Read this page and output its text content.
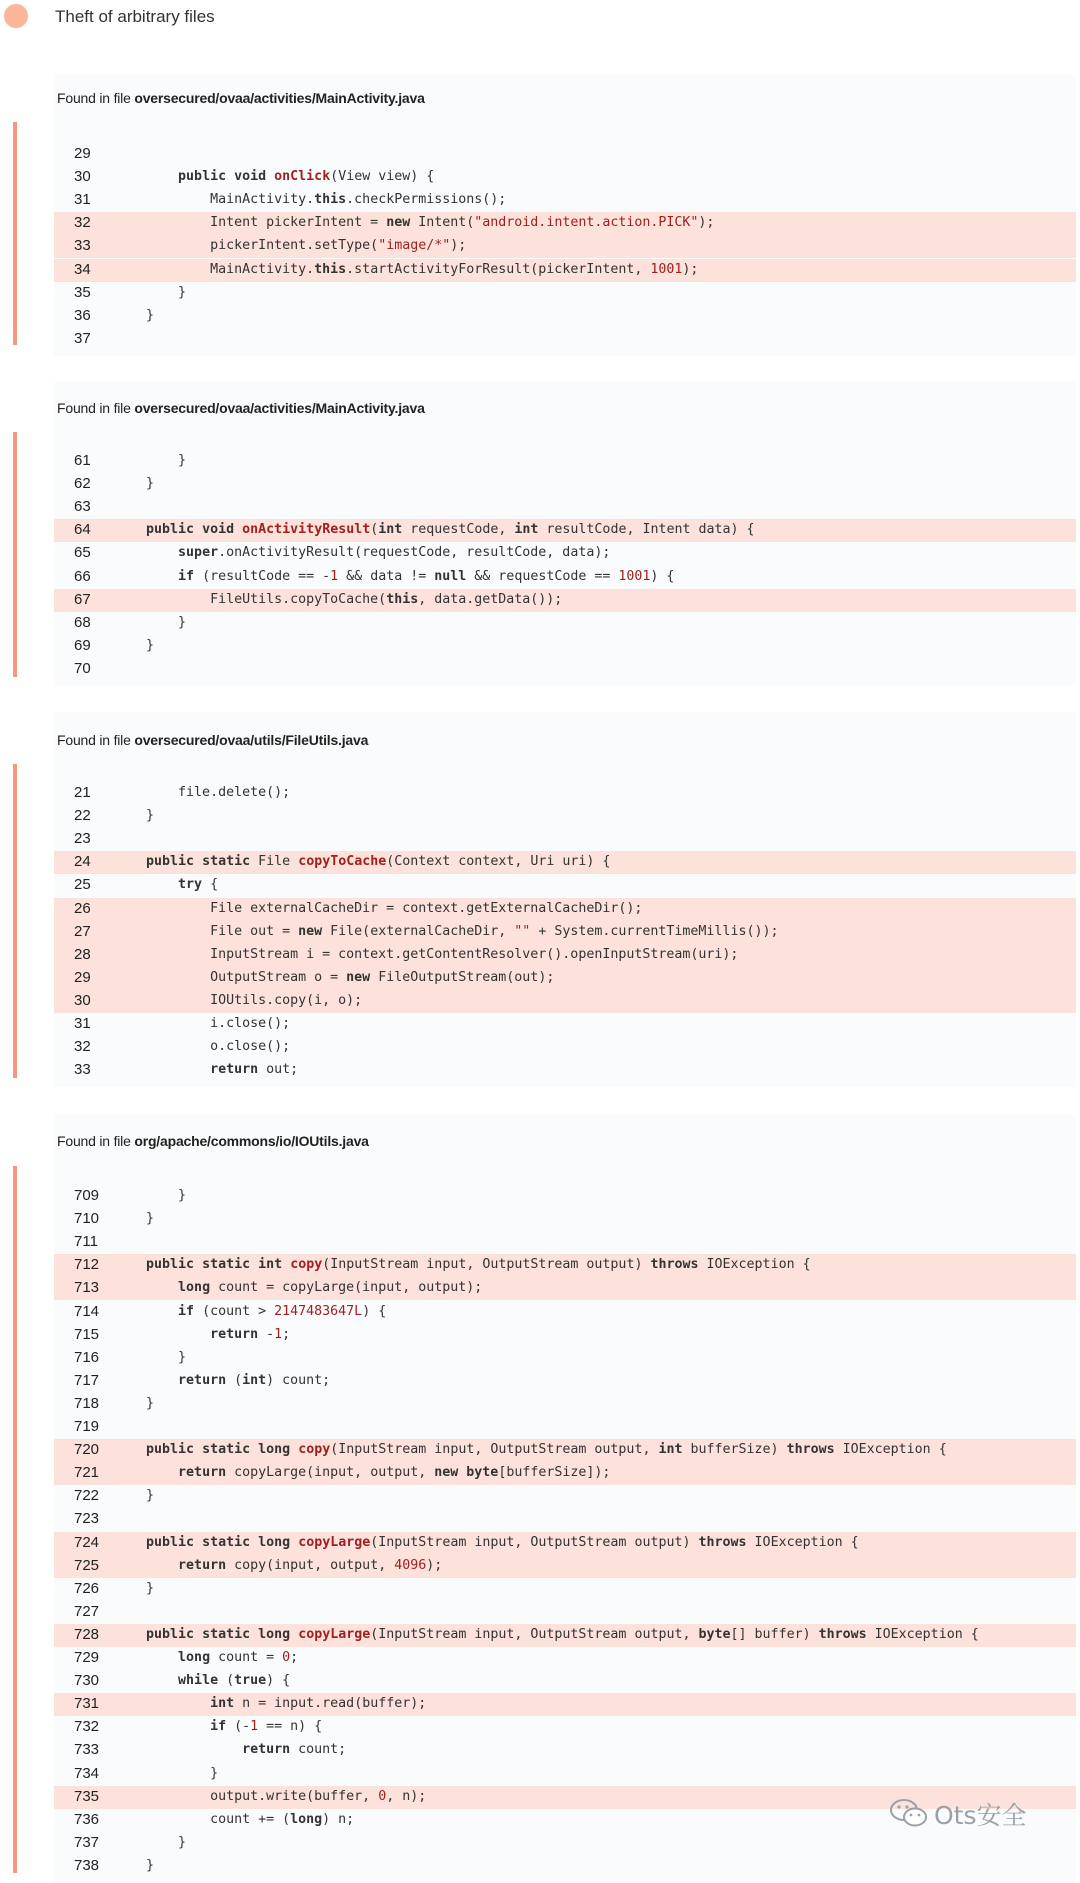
Theft of arbitrary files
Found in file oversecured/ovaa/activities/MainActivity.java
29
30	public void onClick(View view) {
31 MainActivity.this.checkPermissions();
32 Intent pickerIntent = new Intent("android.intent.action.PICK");
33 pickerIntent.setType("image/*");
34 MainActivity.this.startActivityForResult(pickerIntent, 1001);
35 }
36 }
37
Found in file oversecured/ovaa/activities/MainActivity.java
61 }
62 }
63
64	public void onActivityResult(int requestCode, int resultCode, Intent data) {
65	super.onActivityResult(requestCode, resultCode, data);
66	if (resultCode == -1 && data != null && requestCode == 1001) {
67 FileUtils.copyToCache(this, data.getData());
68 }
69 }
70
Found in file oversecured/ovaa/utils/FileUtils.java
21 file.delete();
22 }
23
24	public static File copyToCache(Context context, Uri uri) {
25	try {
26 File externalCacheDir = context.getExternalCacheDir();
27 File out = new File(externalCacheDir, "" + System.currentTimeMillis());
28 InputStream i = context.getContentResolver().openInputStream(uri);
29 OutputStream o = new FileOutputStream(out);
30 IOUtils.copy(i, o);
31 i.close();
32 o.close();
33	return out;
Found in file org/apache/commons/io/IOUtils.java
709 }
710 }
711
712	public static int copy(InputStream input, OutputStream output) throws IOException {
713	long count = copyLarge(input, output);
714	if (count > 2147483647L) {
715	return -1;
716 }
717	return (int) count;
718 }
719
720	public static long copy(InputStream input, OutputStream output, int bufferSize) throws IOException {
721	return copyLarge(input, output, new byte[bufferSize]);
722 }
723
724	public static long copyLarge(InputStream input, OutputStream output) throws IOException {
725	return copy(input, output, 4096);
726 }
727
728	public static long copyLarge(InputStream input, OutputStream output, byte[] buffer) throws IOException {
729	long count = 0;
730	while (true) {
731	int n = input.read(buffer);
732	if (-1 == n) {
733	return count;
734 }
735 output.write(buffer, 0, n);
736 count += (long) n;
737 }
738 }
Ots安全
